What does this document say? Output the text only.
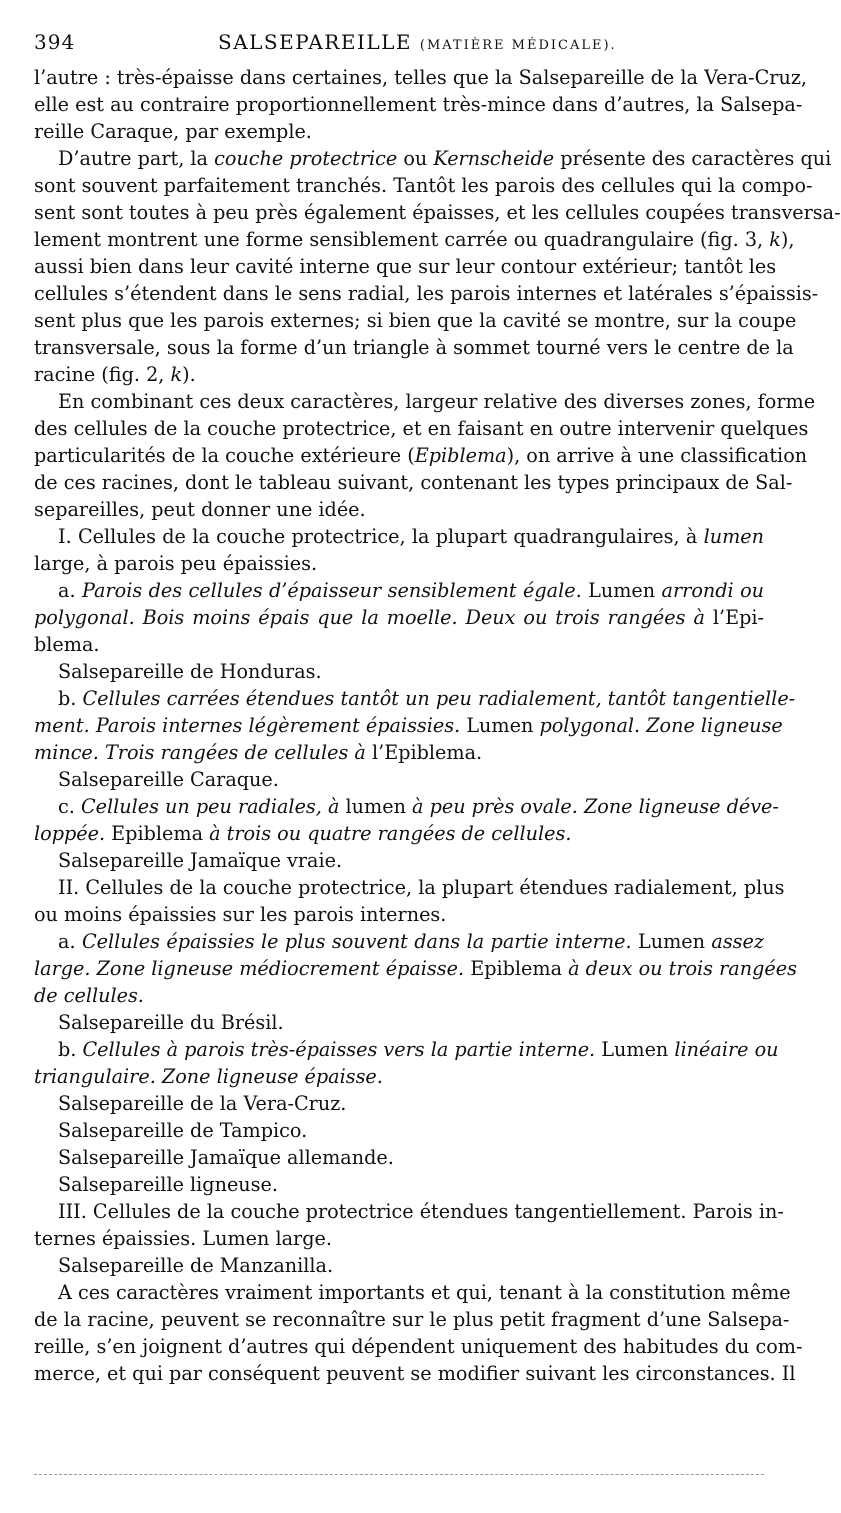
394	SALSEPAREILLE (MATIÈRE MÉDICALE).
l’autre : très-épaisse dans certaines, telles que la Salsepareille de la Vera-Cruz,
elle est au contraire proportionnellement très-mince dans d’autres, la Salsepa-
reille Caraque, par exemple.
D’autre part, la couche protectrice ou Kernscheide présente des caractères qui
sont souvent parfaitement tranchés. Tantôt les parois des cellules qui la compo-
sent sont toutes à peu près également épaisses, et les cellules coupées transversa-
lement montrent une forme sensiblement carrée ou quadrangulaire (fig. 3, k),
aussi bien dans leur cavité interne que sur leur contour extérieur; tantôt les
cellules s’étendent dans le sens radial, les parois internes et latérales s’épaissis-
sent plus que les parois externes; si bien que la cavité se montre, sur la coupe
transversale, sous la forme d’un triangle à sommet tourné vers le centre de la
racine (fig. 2, k).
En combinant ces deux caractères, largeur relative des diverses zones, forme
des cellules de la couche protectrice, et en faisant en outre intervenir quelques
particularités de la couche extérieure (Epiblema), on arrive à une classification
de ces racines, dont le tableau suivant, contenant les types principaux de Sal-
separeilles, peut donner une idée.
I. Cellules de la couche protectrice, la plupart quadrangulaires, à lumen
large, à parois peu épaissies.
a. Parois des cellules d’épaisseur sensiblement égale. Lumen arrondi ou
polygonal. Bois moins épais que la moelle. Deux ou trois rangées à l’Epi-
blema.
Salsepareille de Honduras.
b. Cellules carrées étendues tantôt un peu radialement, tantôt tangentielle-
ment. Parois internes légèrement épaissies. Lumen polygonal. Zone ligneuse
mince. Trois rangées de cellules à l’Epiblema.
Salsepareille Caraque.
c. Cellules un peu radiales, à lumen à peu près ovale. Zone ligneuse déve-
loppée. Epiblema à trois ou quatre rangées de cellules.
Salsepareille Jamaïque vraie.
II. Cellules de la couche protectrice, la plupart étendues radialement, plus
ou moins épaissies sur les parois internes.
a. Cellules épaissies le plus souvent dans la partie interne. Lumen assez
large. Zone ligneuse médiocrement épaisse. Epiblema à deux ou trois rangées
de cellules.
Salsepareille du Brésil.
b. Cellules à parois très-épaisses vers la partie interne. Lumen linéaire ou
triangulaire. Zone ligneuse épaisse.
Salsepareille de la Vera-Cruz.
Salsepareille de Tampico.
Salsepareille Jamaïque allemande.
Salsepareille ligneuse.
III. Cellules de la couche protectrice étendues tangentiellement. Parois in-
ternes épaissies. Lumen large.
Salsepareille de Manzanilla.
A ces caractères vraiment importants et qui, tenant à la constitution même
de la racine, peuvent se reconnaître sur le plus petit fragment d’une Salsepa-
reille, s’en joignent d’autres qui dépendent uniquement des habitudes du com-
merce, et qui par conséquent peuvent se modifier suivant les circonstances. Il
